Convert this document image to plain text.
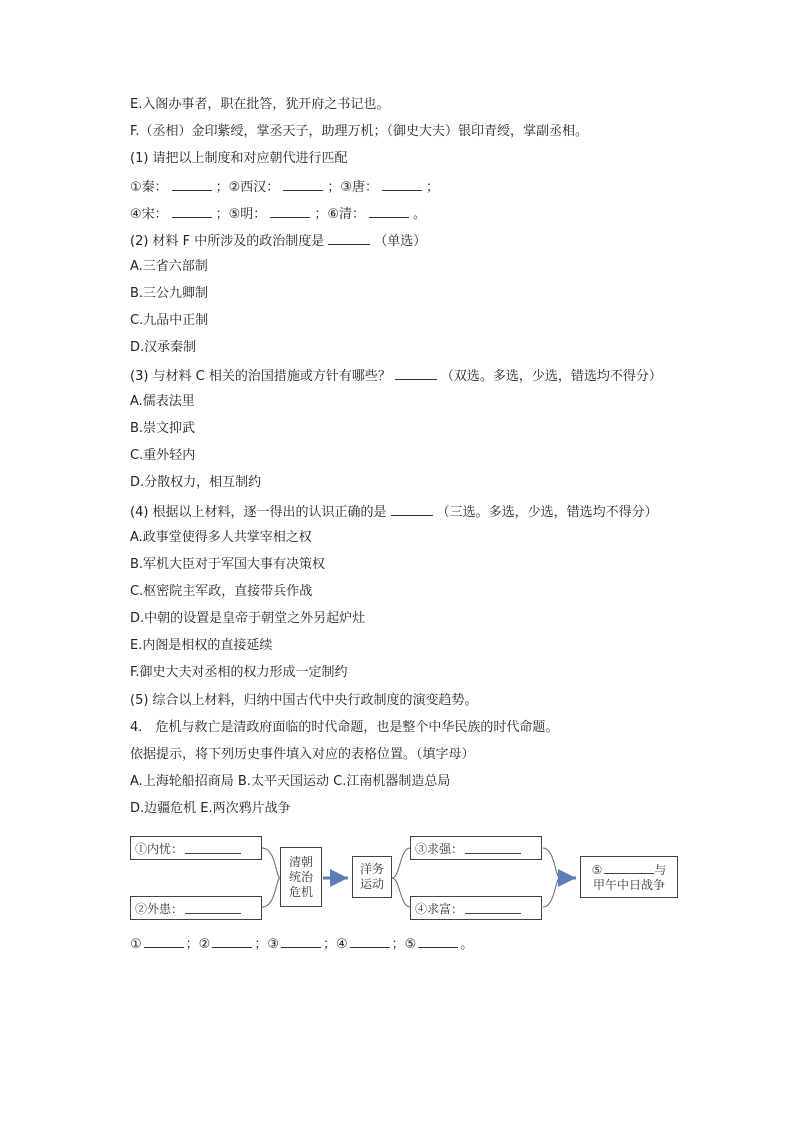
E.入阁办事者，职在批答，犹开府之书记也。
F.（丞相）金印紫绶，掌丞天子，助理万机；（御史大夫）银印青绶，掌副丞相。
(1) 请把以上制度和对应朝代进行匹配
①秦：	；②西汉：	；③唐：	；
④宋：	；⑤明：	；⑥清：	。
(2) 材料 F 中所涉及的政治制度是	（单选）
A.三省六部制
B.三公九卿制
C.九品中正制
D.汉承秦制
(3) 与材料 C 相关的治国措施或方针有哪些？	（双选。多选，少选，错选均不得分）
A.儒表法里
B.崇文抑武
C.重外轻内
D.分散权力，相互制约
(4) 根据以上材料，逐一得出的认识正确的是	（三选。多选，少选，错选均不得分）
A.政事堂使得多人共掌宰相之权
B.军机大臣对于军国大事有决策权
C.枢密院主军政，直接带兵作战
D.中朝的设置是皇帝于朝堂之外另起炉灶
E.内阁是相权的直接延续
F.御史大夫对丞相的权力形成一定制约
(5) 综合以上材料，归纳中国古代中央行政制度的演变趋势。
4.　危机与救亡是清政府面临的时代命题，也是整个中华民族的时代命题。
依据提示，将下列历史事件填入对应的表格位置。（填字母）
A.上海轮船招商局 B.太平天国运动 C.江南机器制造总局
D.边疆危机 E.两次鸦片战争
①内忧：
②外患：
清朝
统治
危机
洋务
运动
③求强：
④求富：
⑤	与
甲午中日战争
①	；②	；③	；④	；⑤	。
